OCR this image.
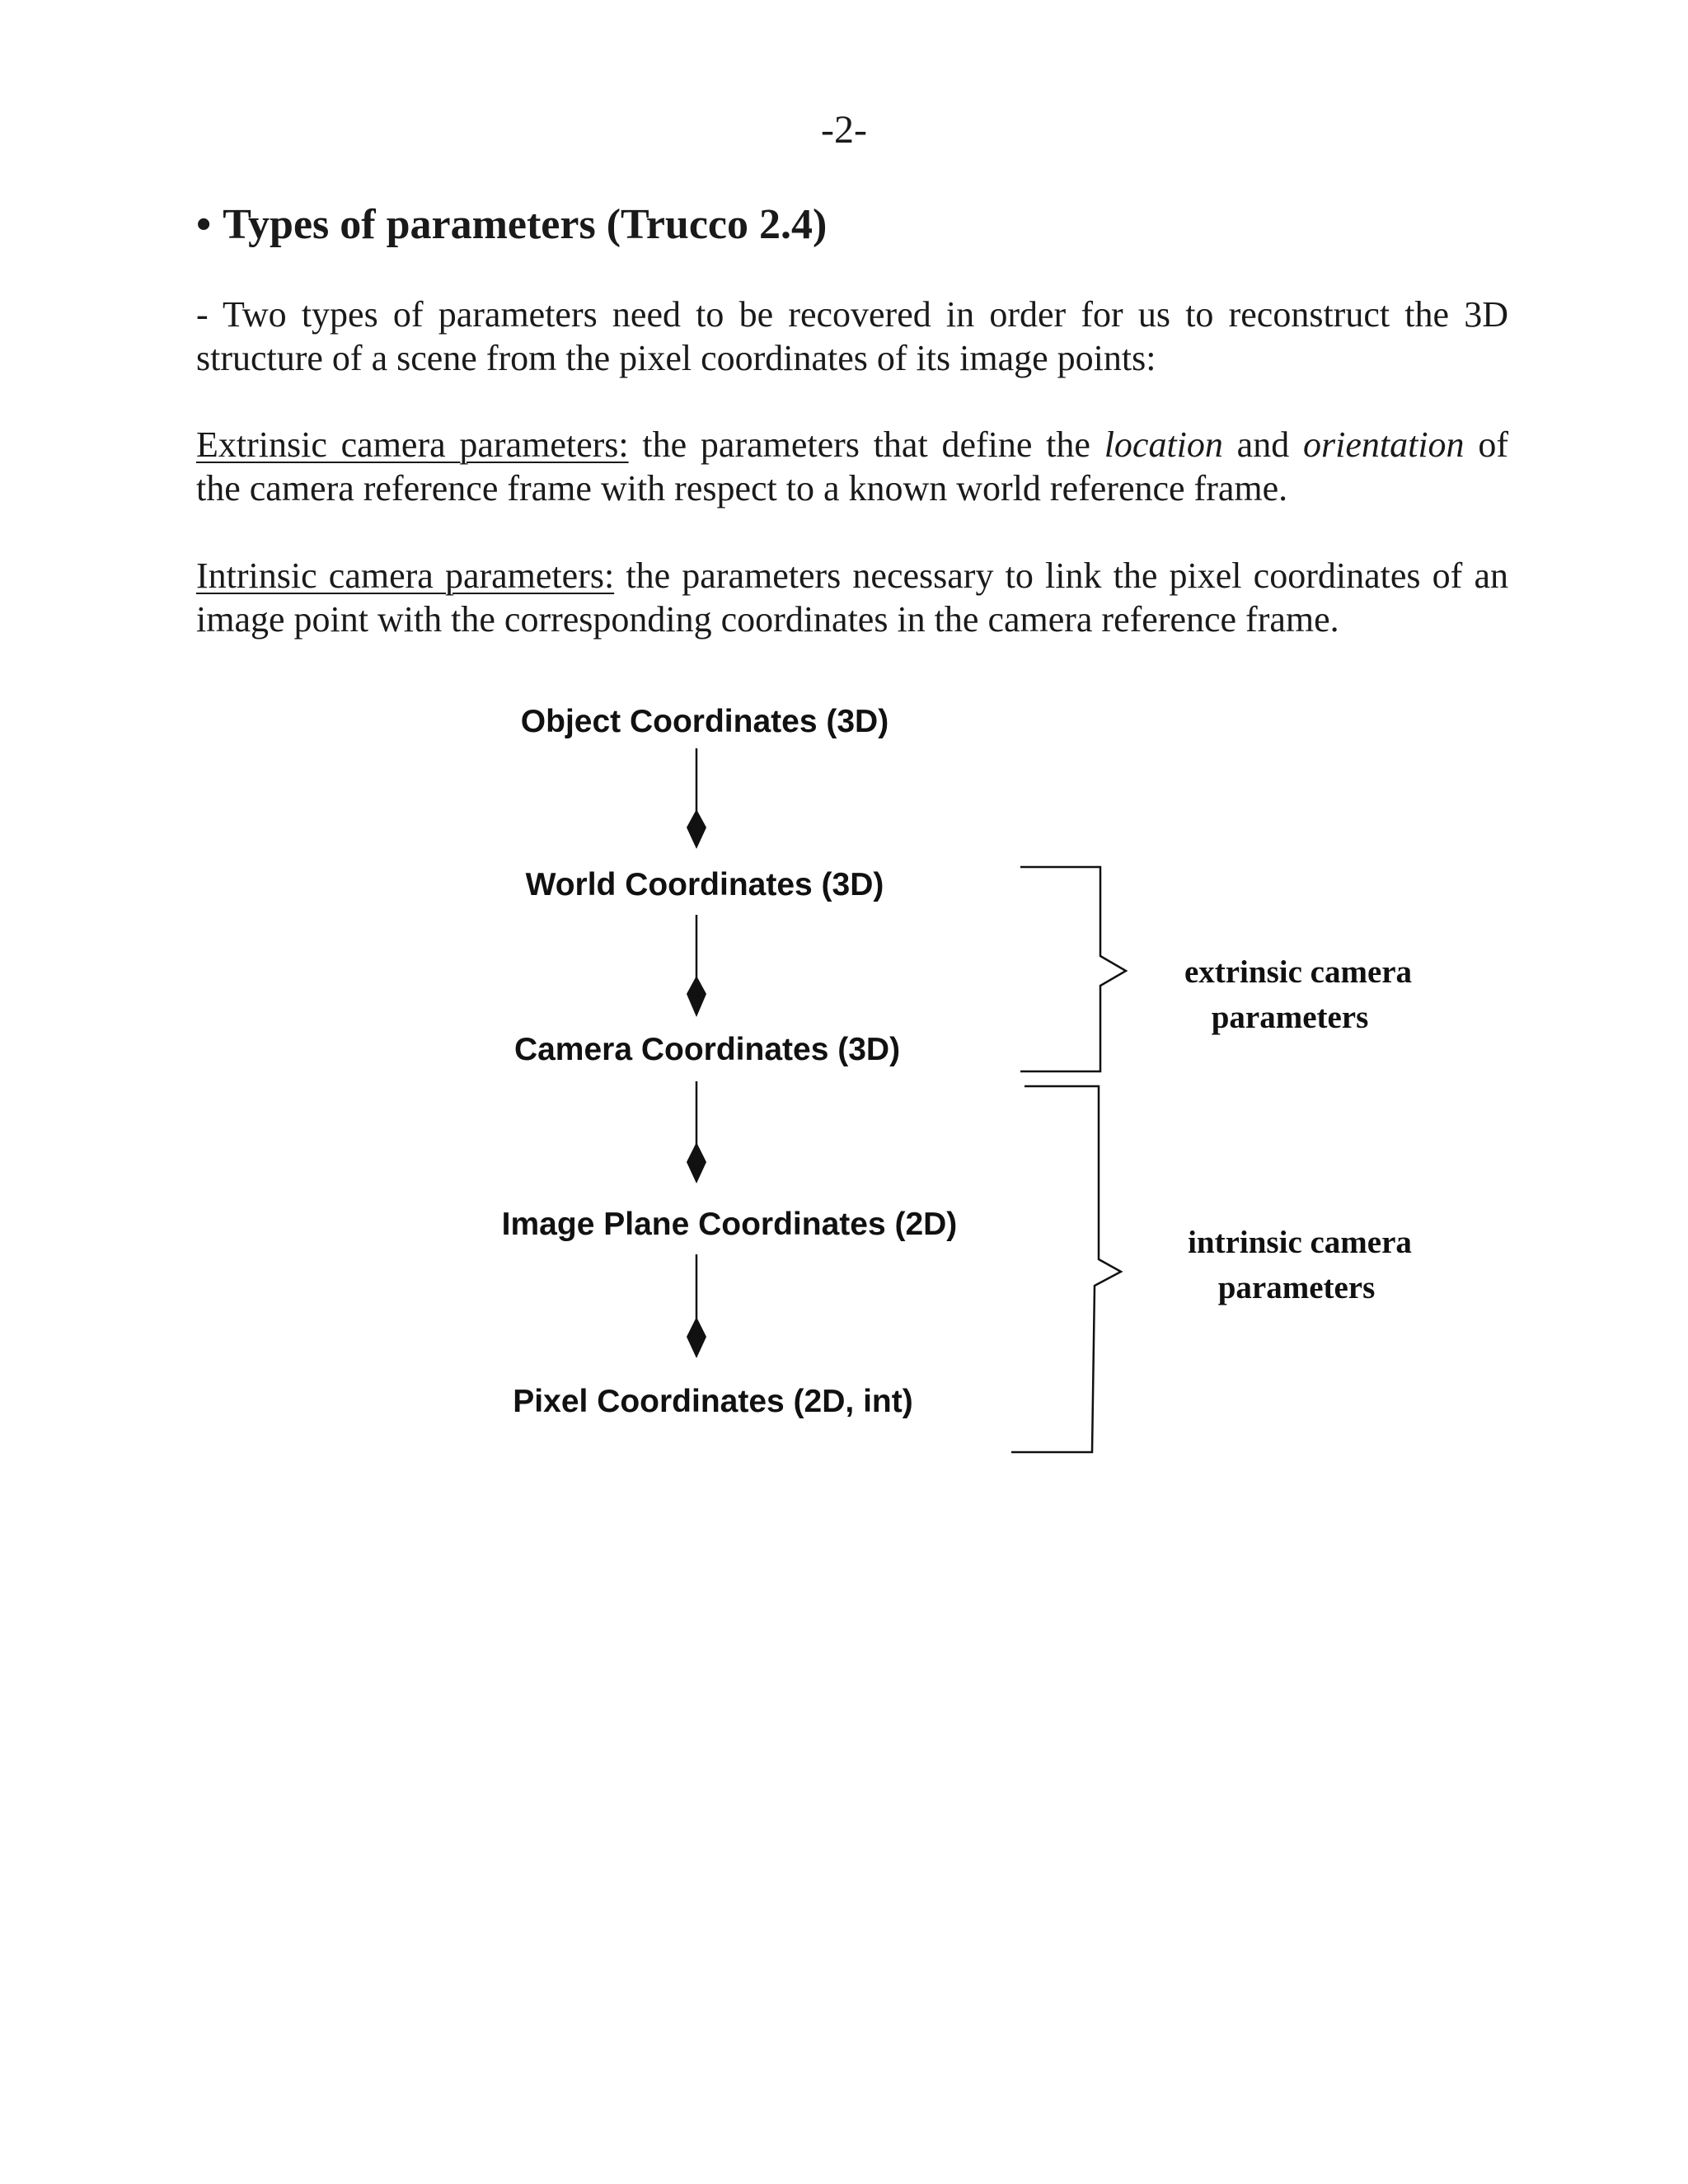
-2-
• Types of parameters (Trucco 2.4)
- Two types of parameters need to be recovered in order for us to reconstruct the 3D structure of a scene from the pixel coordinates of its image points:
Extrinsic camera parameters: the parameters that define the location and orientation of the camera reference frame with respect to a known world reference frame.
Intrinsic camera parameters: the parameters necessary to link the pixel coordinates of an image point with the corresponding coordinates in the camera reference frame.
Object Coordinates (3D)
World Coordinates (3D)
Camera Coordinates (3D)
Image Plane Coordinates (2D)
Pixel Coordinates (2D, int)
extrinsic camera
parameters
intrinsic camera
parameters
